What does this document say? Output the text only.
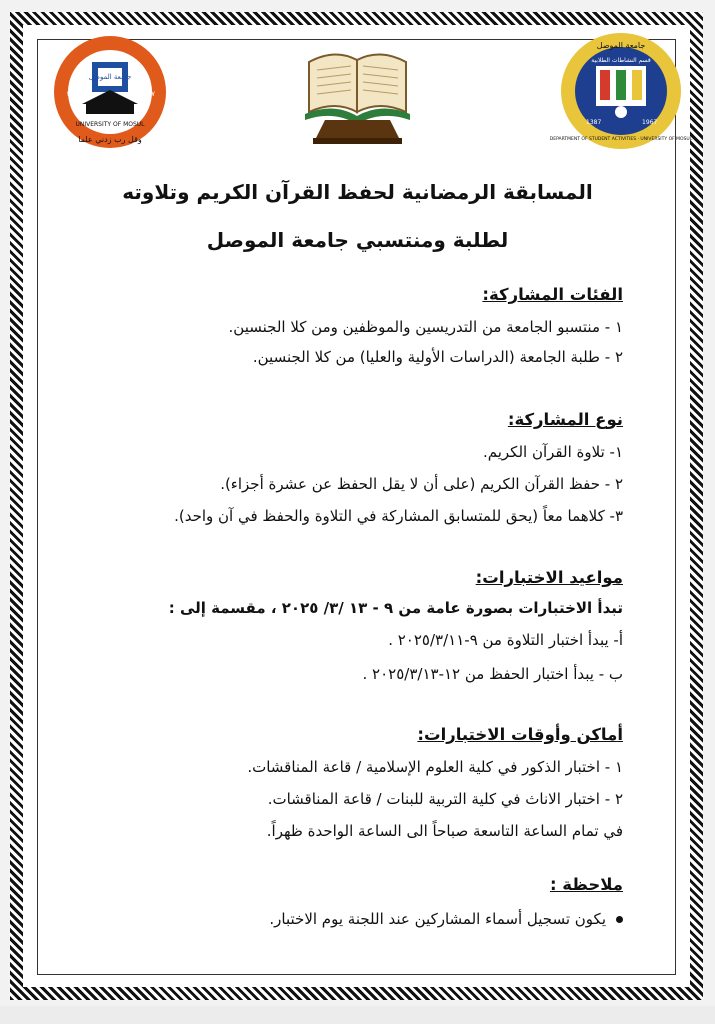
جامعة الموصل
UNIVERSITY OF MOSUL
وقل رب زدني علما
١٩٦٧	١٣٨٧
جامعة الموصل
قسم النشاطات الطلابية
DEPARTMENT OF STUDENT ACTIVITIES · UNIVERSITY OF MOSUL
1387	1967
المسابقة الرمضانية لحفظ القرآن الكريم وتلاوته
لطلبة ومنتسبي جامعة الموصل
الفئات المشاركة:
١ - منتسبو الجامعة من التدريسين والموظفين ومن كلا الجنسين.
٢ - طلبة الجامعة (الدراسات الأولية والعليا) من كلا الجنسين.
نوع المشاركة:
١- تلاوة القرآن الكريم.
٢ - حفظ القرآن الكريم (على أن لا يقل الحفظ عن عشرة أجزاء).
٣- كلاهما معاً (يحق للمتسابق المشاركة في التلاوة والحفظ في آن واحد).
مواعيد الاختبارات:
تبدأ الاختبارات بصورة عامة من ٩ - ١٣ /٣/ ٢٠٢٥ ، مقسمة إلى :
أ- يبدأ اختبار التلاوة من ٩-٢٠٢٥/٣/١١ .
ب - يبدأ اختبار الحفظ من ١٢-٢٠٢٥/٣/١٣ .
أماكن وأوقات الاختبارات:
١ - اختبار الذكور في كلية العلوم الإسلامية / قاعة المناقشات.
٢ - اختبار الاناث في كلية التربية للبنات / قاعة المناقشات.
في تمام الساعة التاسعة صباحاً الى الساعة الواحدة ظهراً.
ملاحظة :
يكون تسجيل أسماء المشاركين عند اللجنة يوم الاختبار.
